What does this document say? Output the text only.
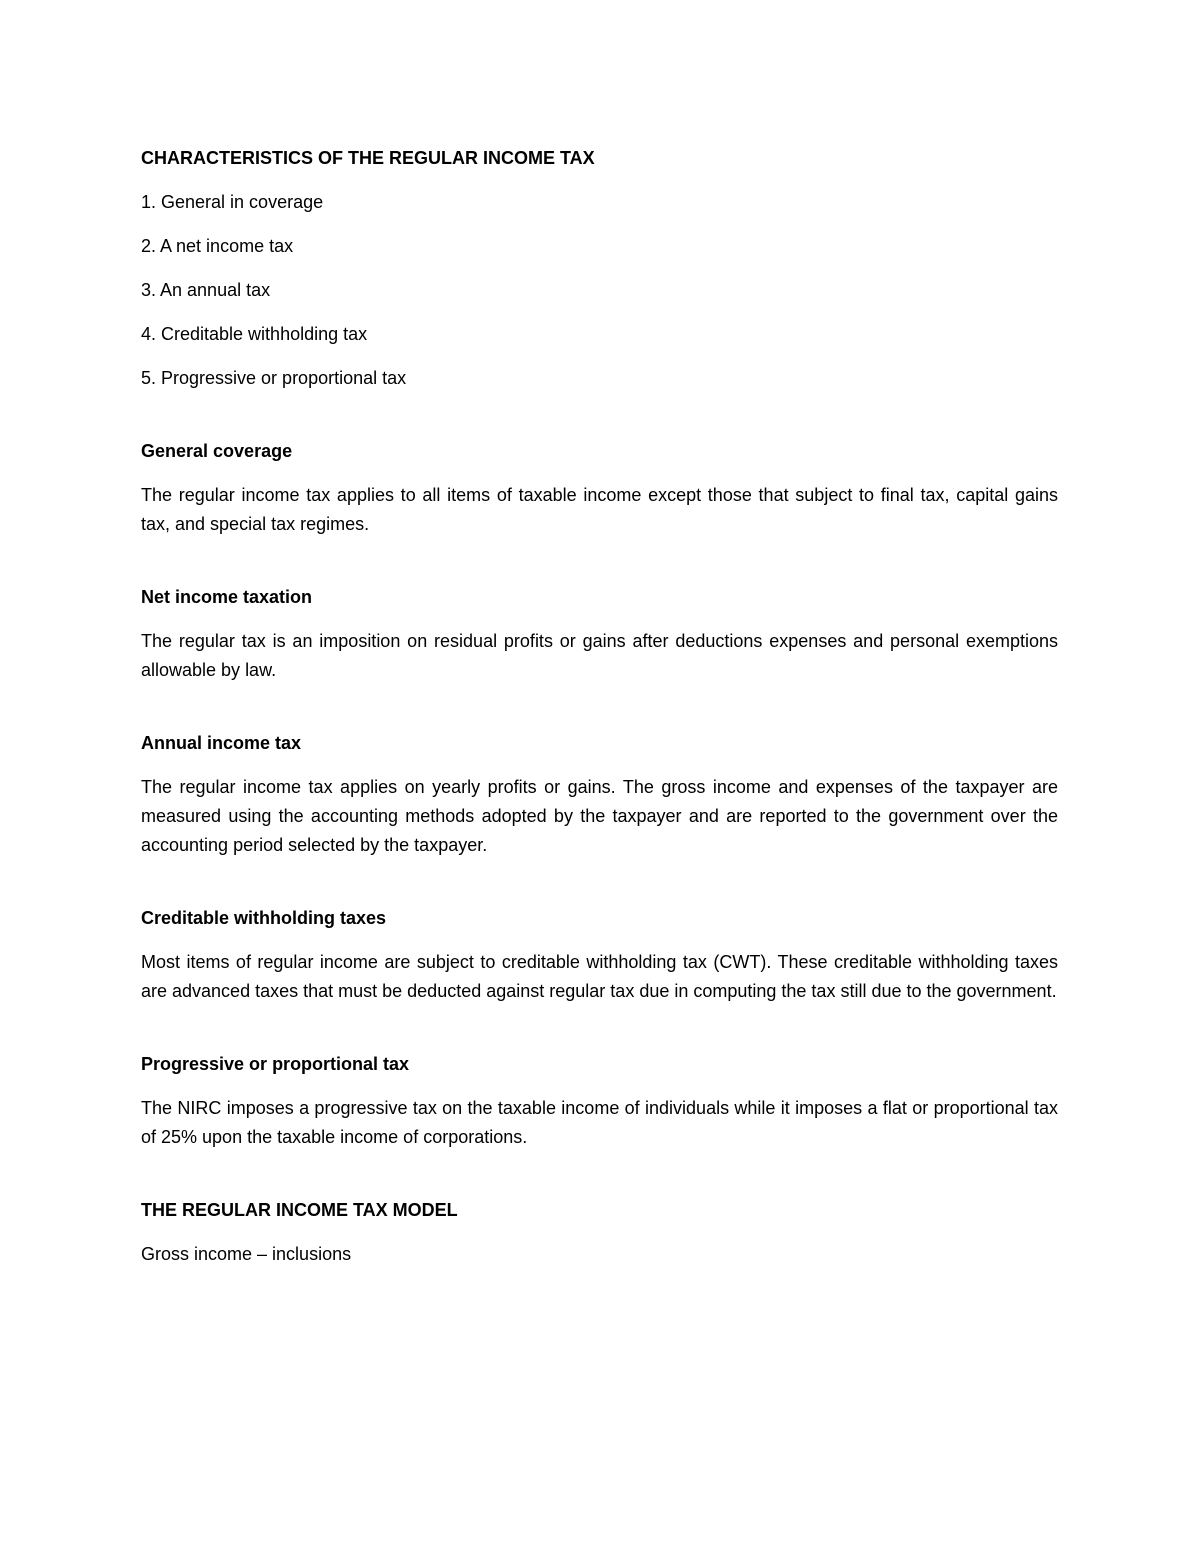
CHARACTERISTICS OF THE REGULAR INCOME TAX

1. General in coverage

2. A net income tax

3. An annual tax

4. Creditable withholding tax

5. Progressive or proportional tax

General coverage

The regular income tax applies to all items of taxable income except those that subject to final tax, capital gains tax, and special tax regimes.

Net income taxation

The regular tax is an imposition on residual profits or gains after deductions expenses and personal exemptions allowable by law.

Annual income tax

The regular income tax applies on yearly profits or gains. The gross income and expenses of the taxpayer are measured using the accounting methods adopted by the taxpayer and are reported to the government over the accounting period selected by the taxpayer.

Creditable withholding taxes

Most items of regular income are subject to creditable withholding tax (CWT). These creditable withholding taxes are advanced taxes that must be deducted against regular tax due in computing the tax still due to the government.

Progressive or proportional tax

The NIRC imposes a progressive tax on the taxable income of individuals while it imposes a flat or proportional tax of 25% upon the taxable income of corporations.

THE REGULAR INCOME TAX MODEL

Gross income – inclusions
